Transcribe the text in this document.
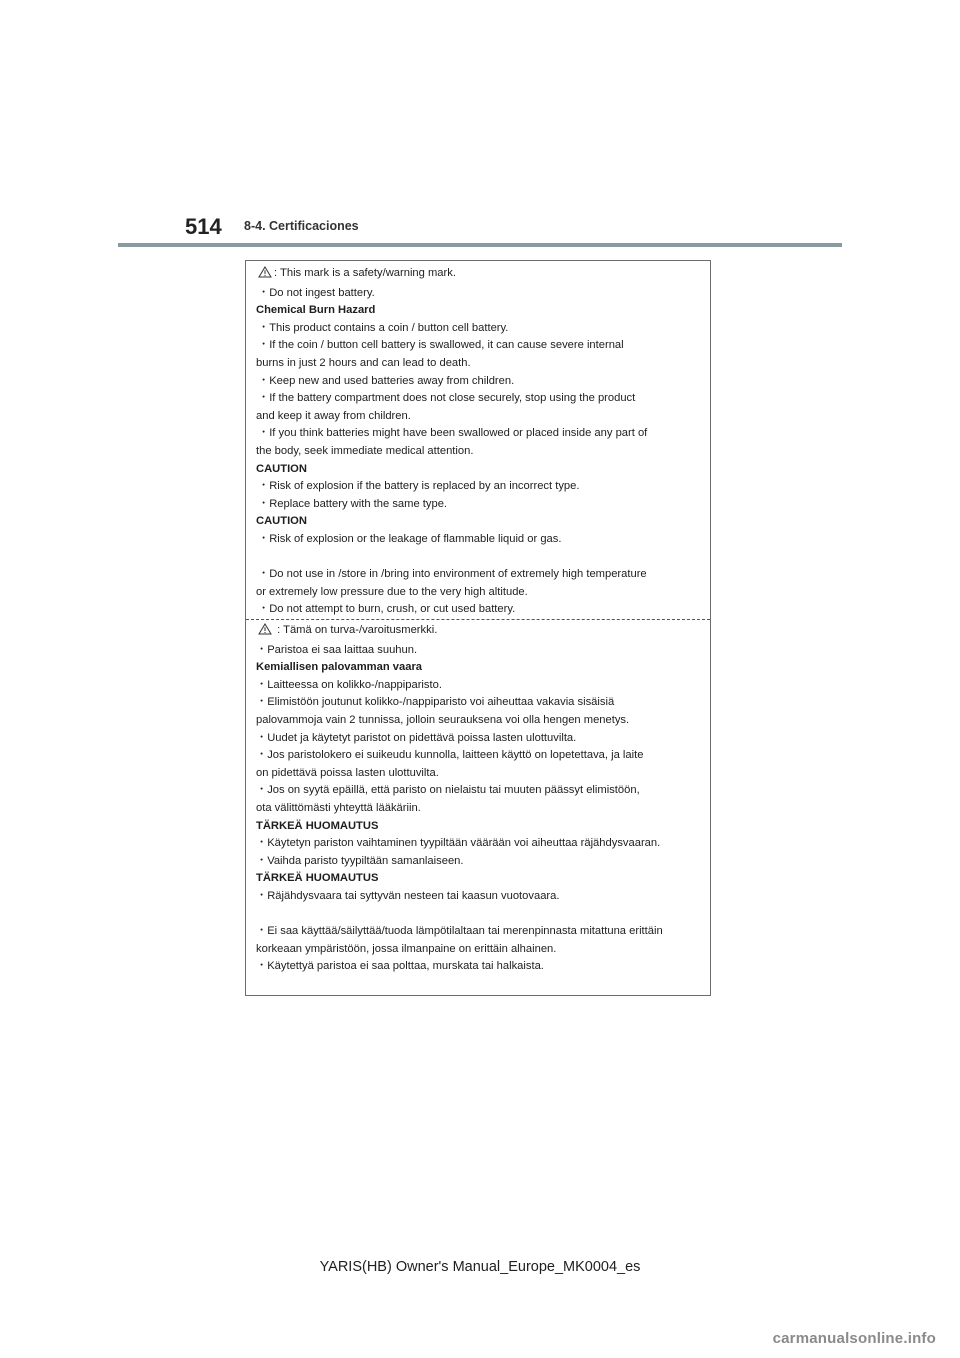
514 8-4. Certificaciones
: This mark is a safety/warning mark.
・Do not ingest battery.
Chemical Burn Hazard
・This product contains a coin / button cell battery.
・If the coin / button cell battery is swallowed, it can cause severe internal
burns in just 2 hours and can lead to death.
・Keep new and used batteries away from children.
・If the battery compartment does not close securely, stop using the product
and keep it away from children.
・If you think batteries might have been swallowed or placed inside any part of
the body, seek immediate medical attention.
CAUTION
・Risk of explosion if the battery is replaced by an incorrect type.
・Replace battery with the same type.
CAUTION
・Risk of explosion or the leakage of flammable liquid or gas.
・Do not use in /store in /bring into environment of extremely high temperature
or extremely low pressure due to the very high altitude.
・Do not attempt to burn, crush, or cut used battery.
: Tämä on turva-/varoitusmerkki.
・Paristoa ei saa laittaa suuhun.
Kemiallisen palovamman vaara
・Laitteessa on kolikko-/nappiparisto.
・Elimistöön joutunut kolikko-/nappiparisto voi aiheuttaa vakavia sisäisiä
palovammoja vain 2 tunnissa, jolloin seurauksena voi olla hengen menetys.
・Uudet ja käytetyt paristot on pidettävä poissa lasten ulottuvilta.
・Jos paristolokero ei suikeudu kunnolla, laitteen käyttö on lopetettava, ja laite
on pidettävä poissa lasten ulottuvilta.
・Jos on syytä epäillä, että paristo on nielaistu tai muuten päässyt elimistöön,
ota välittömästi yhteyttä lääkäriin.
TÄRKEÄ HUOMAUTUS
・Käytetyn pariston vaihtaminen tyypiltään väärään voi aiheuttaa räjähdysvaaran.
・Vaihda paristo tyypiltään samanlaiseen.
TÄRKEÄ HUOMAUTUS
・Räjähdysvaara tai syttyvän nesteen tai kaasun vuotovaara.
・Ei saa käyttää/säilyttää/tuoda lämpötilaltaan tai merenpinnasta mitattuna erittäin
korkeaan ympäristöön, jossa ilmanpaine on erittäin alhainen.
・Käytettyä paristoa ei saa polttaa, murskata tai halkaista.
YARIS(HB) Owner's Manual_Europe_MK0004_es
carmanualsonline.info
